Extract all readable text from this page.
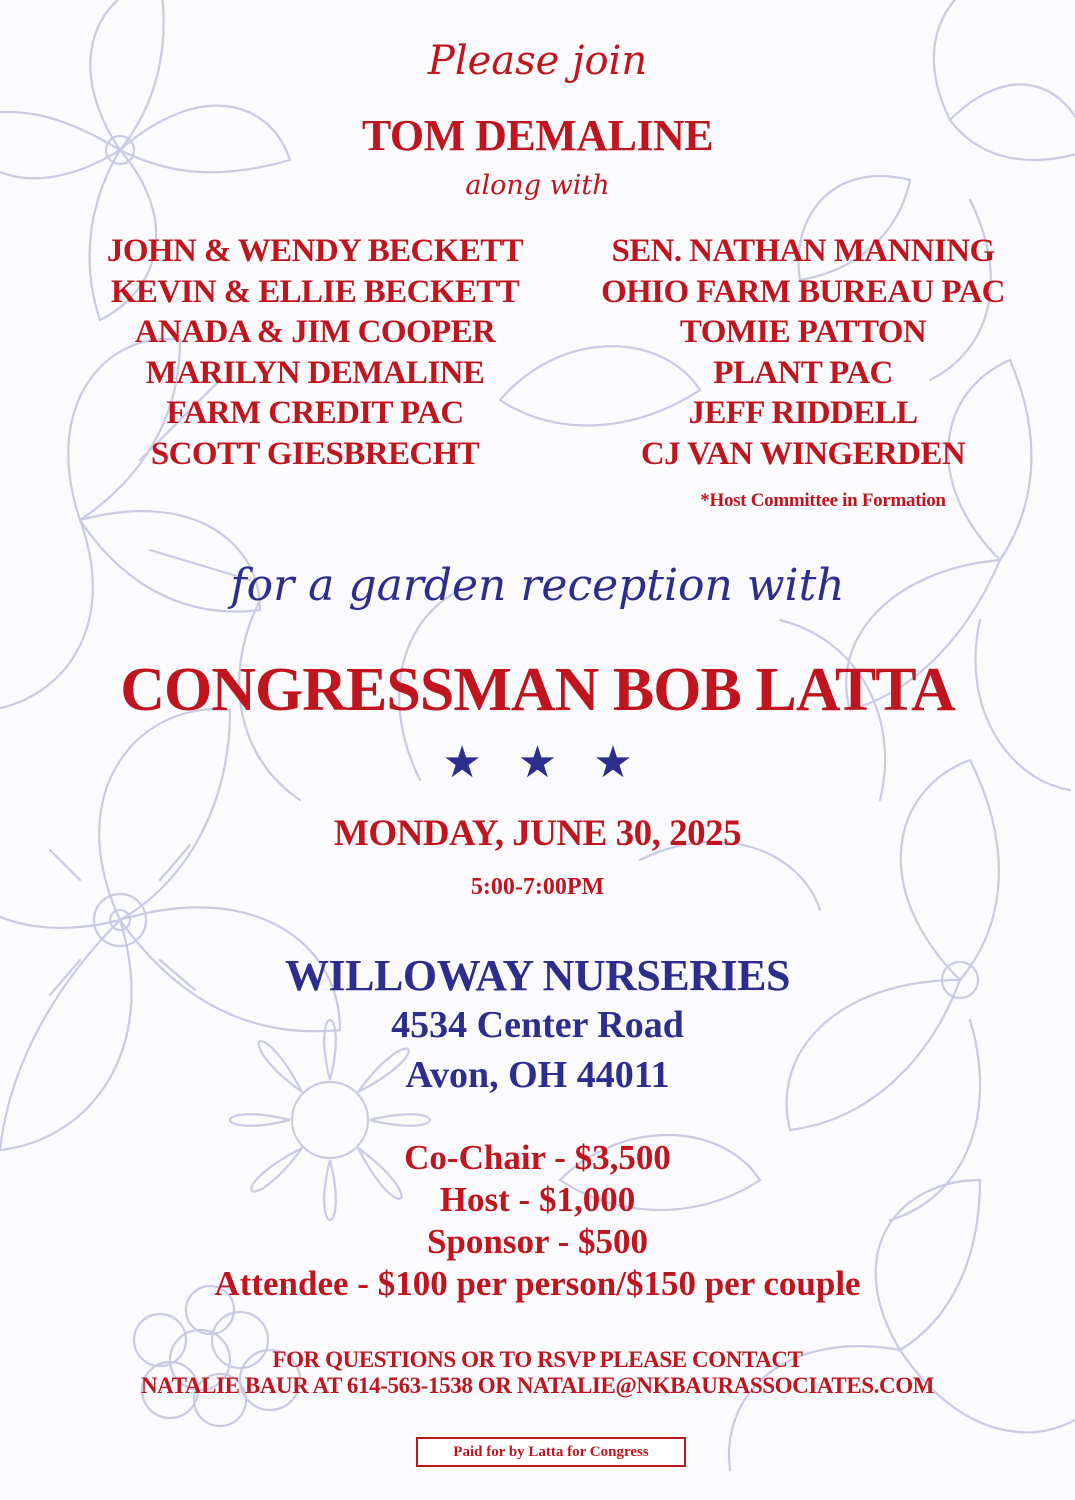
Please join
TOM DEMALINE
along with
JOHN & WENDY BECKETT
KEVIN & ELLIE BECKETT
ANADA & JIM COOPER
MARILYN DEMALINE
FARM CREDIT PAC
SCOTT GIESBRECHT
SEN. NATHAN MANNING
OHIO FARM BUREAU PAC
TOMIE PATTON
PLANT PAC
JEFF RIDDELL
CJ VAN WINGERDEN
*Host Committee in Formation
for a garden reception with
CONGRESSMAN BOB LATTA
★ ★ ★
MONDAY, JUNE 30, 2025
5:00-7:00PM
WILLOWAY NURSERIES
4534 Center Road
Avon, OH 44011
Co-Chair - $3,500
Host - $1,000
Sponsor - $500
Attendee - $100 per person/$150 per couple
FOR QUESTIONS OR TO RSVP PLEASE CONTACT
NATALIE BAUR AT 614-563-1538 OR NATALIE@NKBAURASSOCIATES.COM
Paid for by Latta for Congress
